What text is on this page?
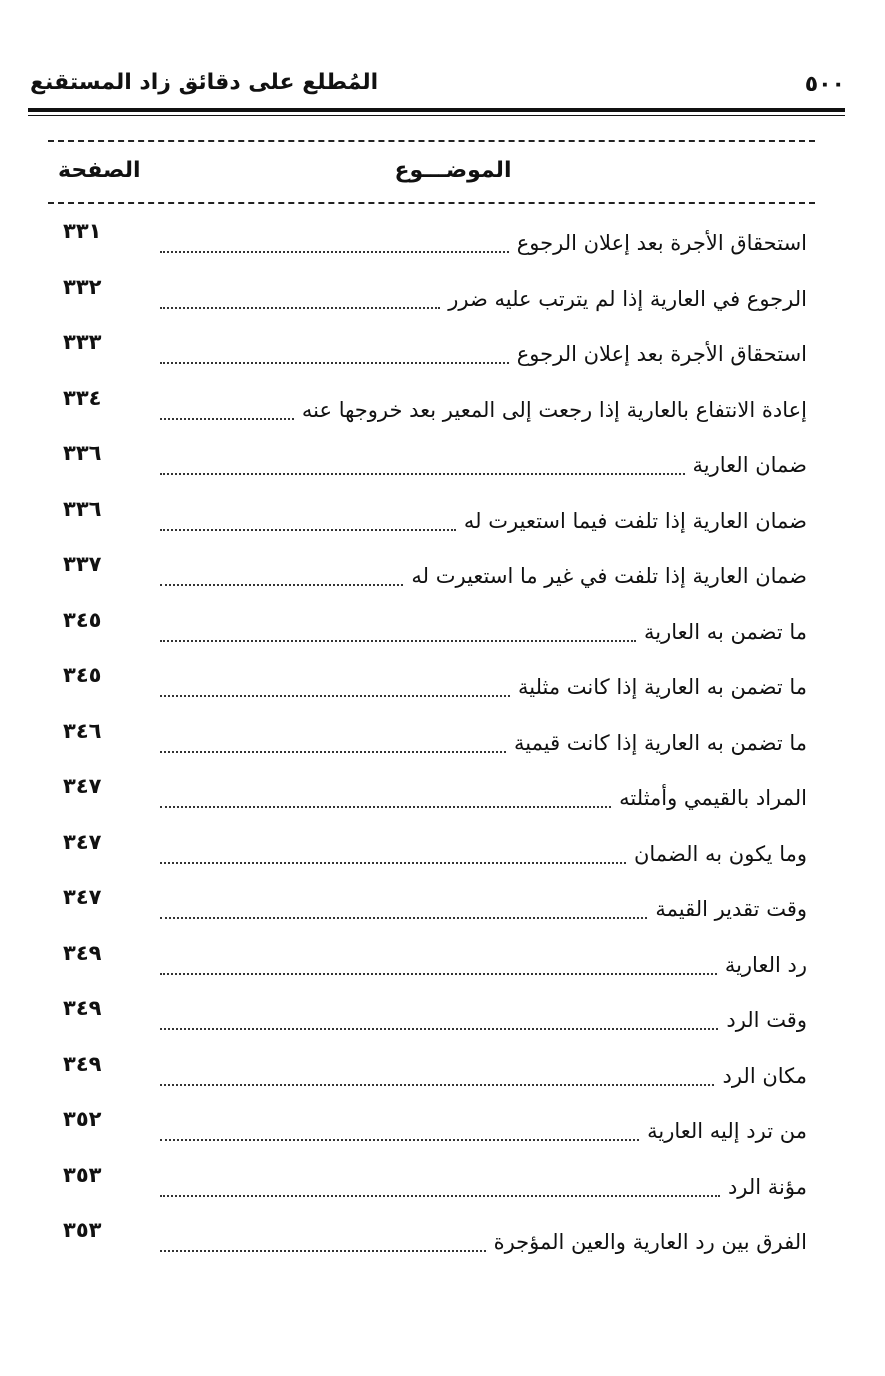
المُطلع على دقائق زاد المستقنع	٥٠٠
الصفحة	الموضـــوع
٣٣١	استحقاق الأجرة بعد إعلان الرجوع
٣٣٢	الرجوع في العارية إذا لم يترتب عليه ضرر
٣٣٣	استحقاق الأجرة بعد إعلان الرجوع
٣٣٤	إعادة الانتفاع بالعارية إذا رجعت إلى المعير بعد خروجها عنه
٣٣٦	ضمان العارية
٣٣٦	ضمان العارية إذا تلفت فيما استعيرت له
٣٣٧	ضمان العارية إذا تلفت في غير ما استعيرت له
٣٤٥	ما تضمن به العارية
٣٤٥	ما تضمن به العارية إذا كانت مثلية
٣٤٦	ما تضمن به العارية إذا كانت قيمية
٣٤٧	المراد بالقيمي وأمثلته
٣٤٧	وما يكون به الضمان
٣٤٧	وقت تقدير القيمة
٣٤٩	رد العارية
٣٤٩	وقت الرد
٣٤٩	مكان الرد
٣٥٢	من ترد إليه العارية
٣٥٣	مؤنة الرد
٣٥٣	الفرق بين رد العارية والعين المؤجرة
